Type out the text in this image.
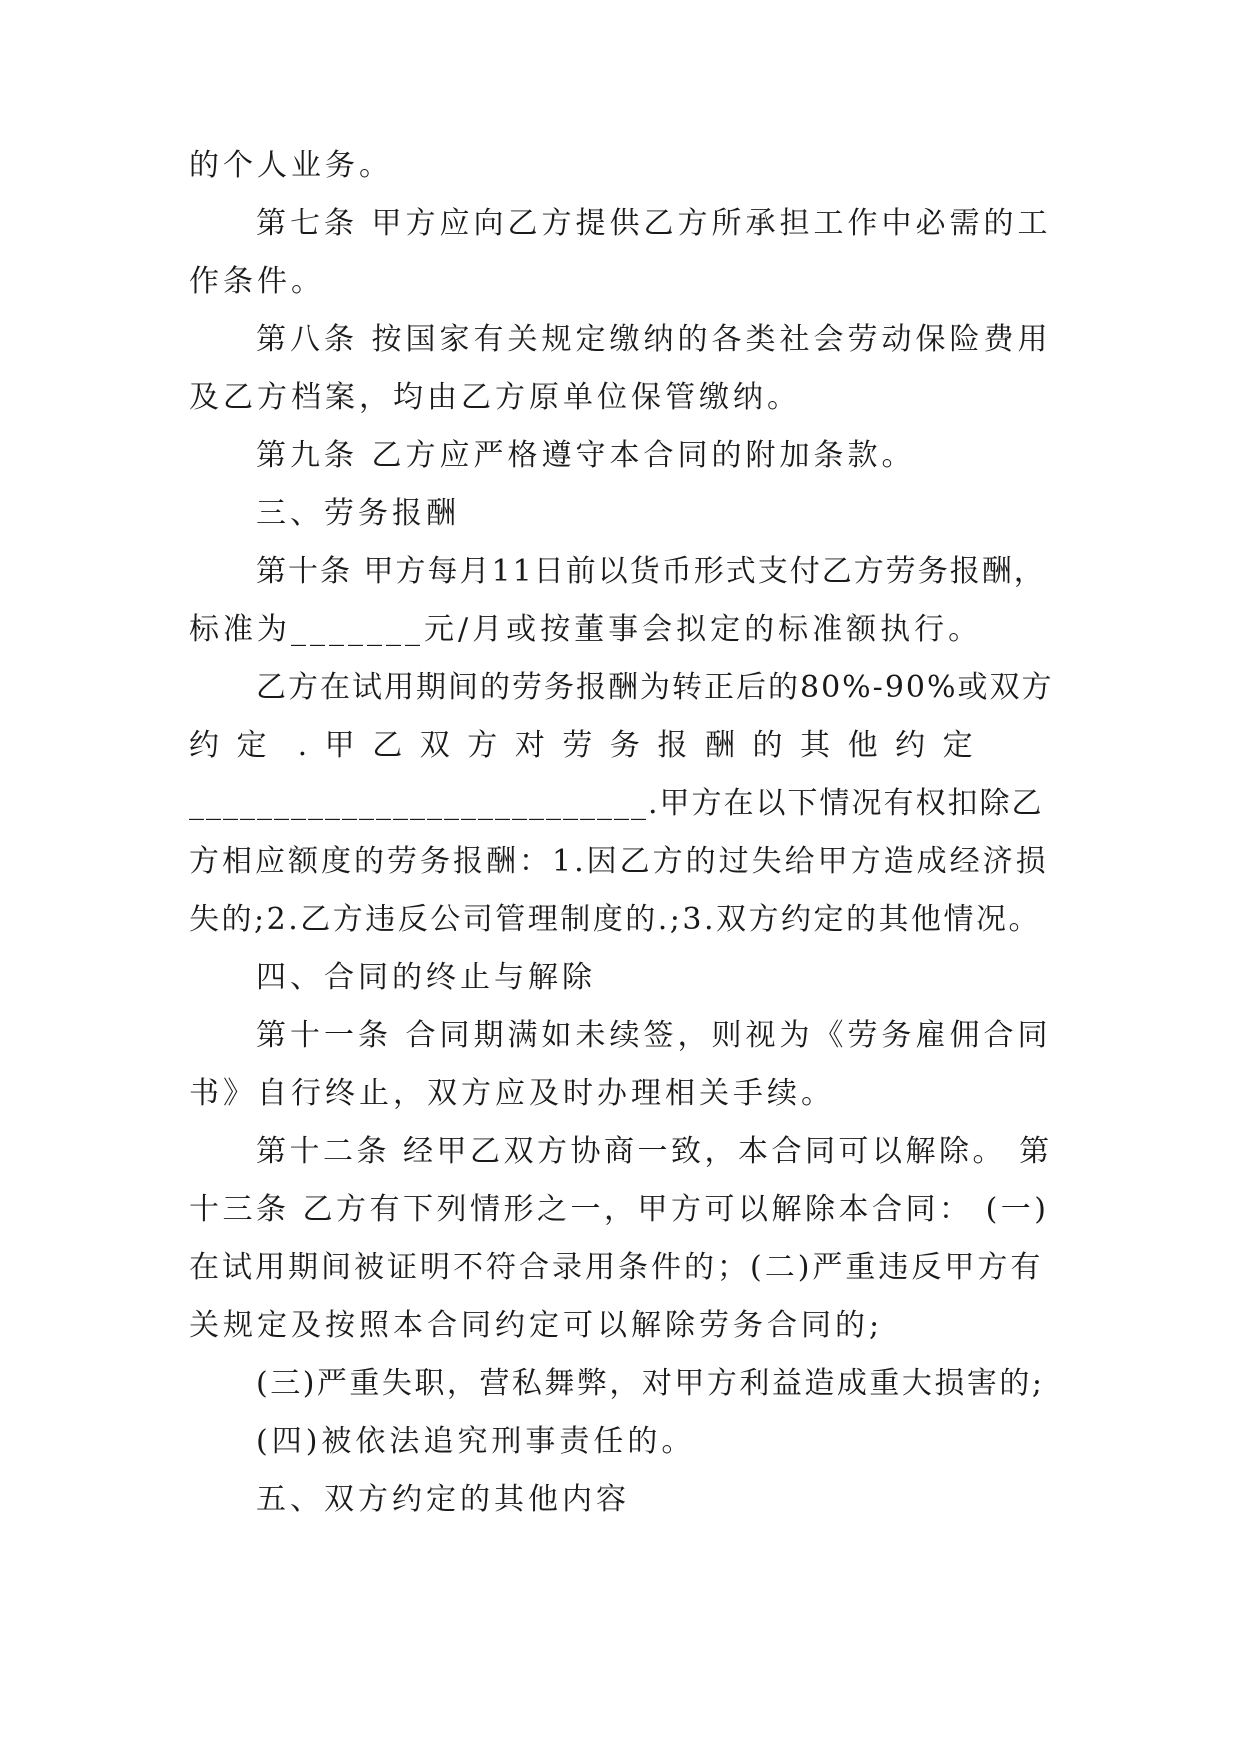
的个人业务。
第七条 甲方应向乙方提供乙方所承担工作中必需的工
作条件。
第八条 按国家有关规定缴纳的各类社会劳动保险费用
及乙方档案，均由乙方原单位保管缴纳。
第九条 乙方应严格遵守本合同的附加条款。
三、劳务报酬
第十条 甲方每月11日前以货币形式支付乙方劳务报酬，
标准为_______元/月或按董事会拟定的标准额执行。
乙方在试用期间的劳务报酬为转正后的80%-90%或双方
约 定  . 甲 乙 双 方 对 劳 务 报 酬 的 其 他 约 定
___________________________.甲方在以下情况有权扣除乙
方相应额度的劳务报酬：1.因乙方的过失给甲方造成经济损
失的;2.乙方违反公司管理制度的.;3.双方约定的其他情况。
四、合同的终止与解除
第十一条 合同期满如未续签，则视为《劳务雇佣合同
书》自行终止，双方应及时办理相关手续。
第十二条 经甲乙双方协商一致，本合同可以解除。 第
十三条 乙方有下列情形之一，甲方可以解除本合同： (一)
在试用期间被证明不符合录用条件的；(二)严重违反甲方有
关规定及按照本合同约定可以解除劳务合同的;
(三)严重失职，营私舞弊，对甲方利益造成重大损害的;
(四)被依法追究刑事责任的。
五、双方约定的其他内容
